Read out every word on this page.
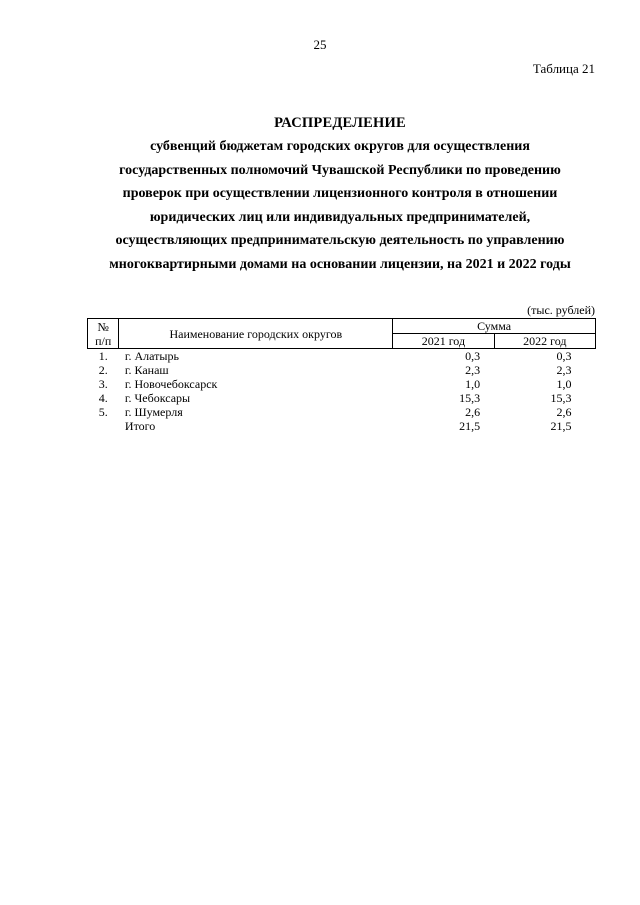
25
Таблица 21
РАСПРЕДЕЛЕНИЕ
субвенций бюджетам городских округов для осуществления
государственных полномочий Чувашской Республики по проведению
проверок при осуществлении лицензионного контроля в отношении
юридических лиц или индивидуальных предпринимателей,
осуществляющих предпринимательскую деятельность по управлению
многоквартирными домами на основании лицензии, на 2021 и 2022 годы
(тыс. рублей)
№
п/п	Наименование городских округов	Сумма	
		2021 год	2022 год
1.	г. Алатырь	0,3	0,3
2.	г. Канаш	2,3	2,3
3.	г. Новочебоксарск	1,0	1,0
4.	г. Чебоксары	15,3	15,3
5.	г. Шумерля	2,6	2,6
	Итого	21,5	21,5
